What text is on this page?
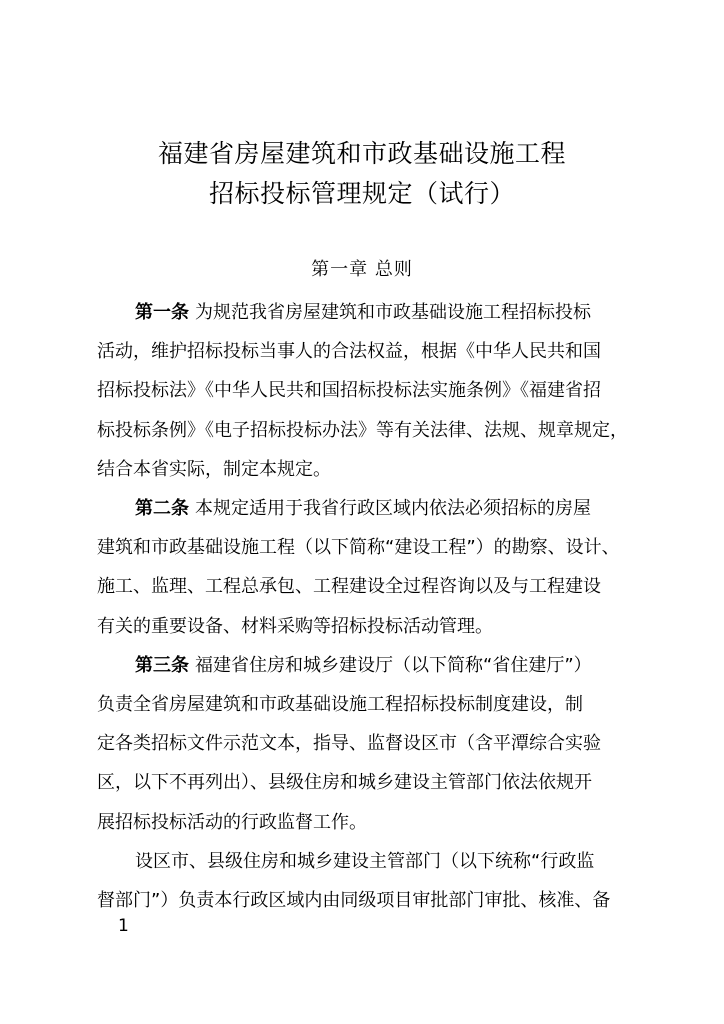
福建省房屋建筑和市政基础设施工程
招标投标管理规定（试行）
第一章 总则
第一条 为规范我省房屋建筑和市政基础设施工程招标投标
活动，维护招标投标当事人的合法权益，根据《中华人民共和国
招标投标法》《中华人民共和国招标投标法实施条例》《福建省招
标投标条例》《电子招标投标办法》等有关法律、法规、规章规定，
结合本省实际，制定本规定。
第二条 本规定适用于我省行政区域内依法必须招标的房屋
建筑和市政基础设施工程（以下简称“建设工程”）的勘察、设计、
施工、监理、工程总承包、工程建设全过程咨询以及与工程建设
有关的重要设备、材料采购等招标投标活动管理。
第三条 福建省住房和城乡建设厅（以下简称“省住建厅”）
负责全省房屋建筑和市政基础设施工程招标投标制度建设，制
定各类招标文件示范文本，指导、监督设区市（含平潭综合实验
区，以下不再列出）、县级住房和城乡建设主管部门依法依规开
展招标投标活动的行政监督工作。
设区市、县级住房和城乡建设主管部门（以下统称“行政监
督部门”）负责本行政区域内由同级项目审批部门审批、核准、备
1
